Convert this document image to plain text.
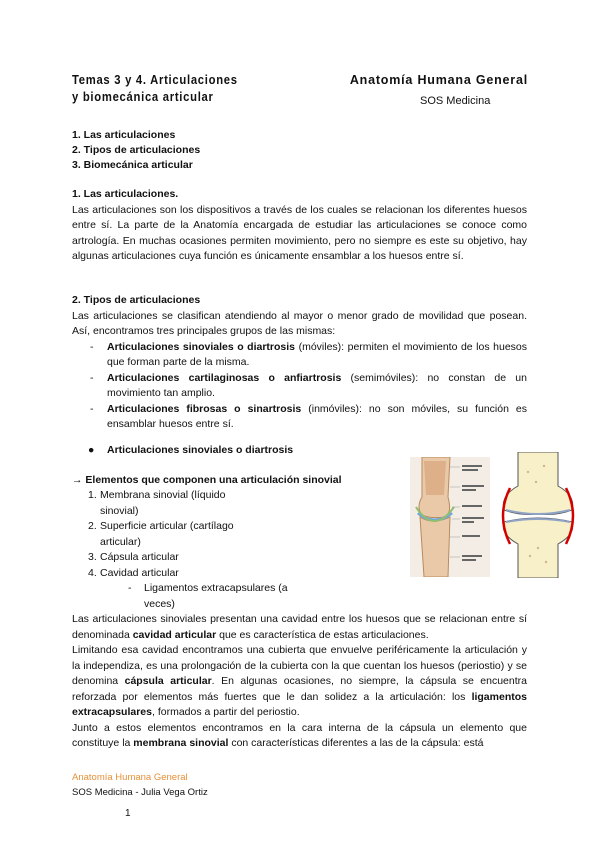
Temas 3 y 4. Articulaciones
y biomecánica articular
Anatomía Humana General
SOS Medicina
1. Las articulaciones
2. Tipos de articulaciones
3. Biomecánica articular
1. Las articulaciones.
Las articulaciones son los dispositivos a través de los cuales se relacionan los diferentes huesos entre sí. La parte de la Anatomía encargada de estudiar las articulaciones se conoce como artrología. En muchas ocasiones permiten movimiento, pero no siempre es este su objetivo, hay algunas articulaciones cuya función es únicamente ensamblar a los huesos entre sí.
2. Tipos de articulaciones
Las articulaciones se clasifican atendiendo al mayor o menor grado de movilidad que posean. Así, encontramos tres principales grupos de las mismas:
- Articulaciones sinoviales o diartrosis (móviles): permiten el movimiento de los huesos que forman parte de la misma.
- Articulaciones cartilaginosas o anfiartrosis (semimóviles): no constan de un movimiento tan amplio.
- Articulaciones fibrosas o sinartrosis (inmóviles): no son móviles, su función es ensamblar huesos entre sí.
● Articulaciones sinoviales o diartrosis
→ Elementos que componen una articulación sinovial
1. Membrana sinovial (líquido sinovial)
2. Superficie articular (cartílago articular)
3. Cápsula articular
4. Cavidad articular
- Ligamentos extracapsulares (a veces)
Las articulaciones sinoviales presentan una cavidad entre los huesos que se relacionan entre sí denominada cavidad articular que es característica de estas articulaciones.
Limitando esa cavidad encontramos una cubierta que envuelve periféricamente la articulación y la independiza, es una prolongación de la cubierta con la que cuentan los huesos (periostio) y se denomina cápsula articular. En algunas ocasiones, no siempre, la cápsula se encuentra reforzada por elementos más fuertes que le dan solidez a la articulación: los ligamentos extracapsulares, formados a partir del periostio.
Junto a estos elementos encontramos en la cara interna de la cápsula un elemento que constituye la membrana sinovial con características diferentes a las de la cápsula: está
Anatomía Humana General
SOS Medicina - Julia Vega Ortiz
1
